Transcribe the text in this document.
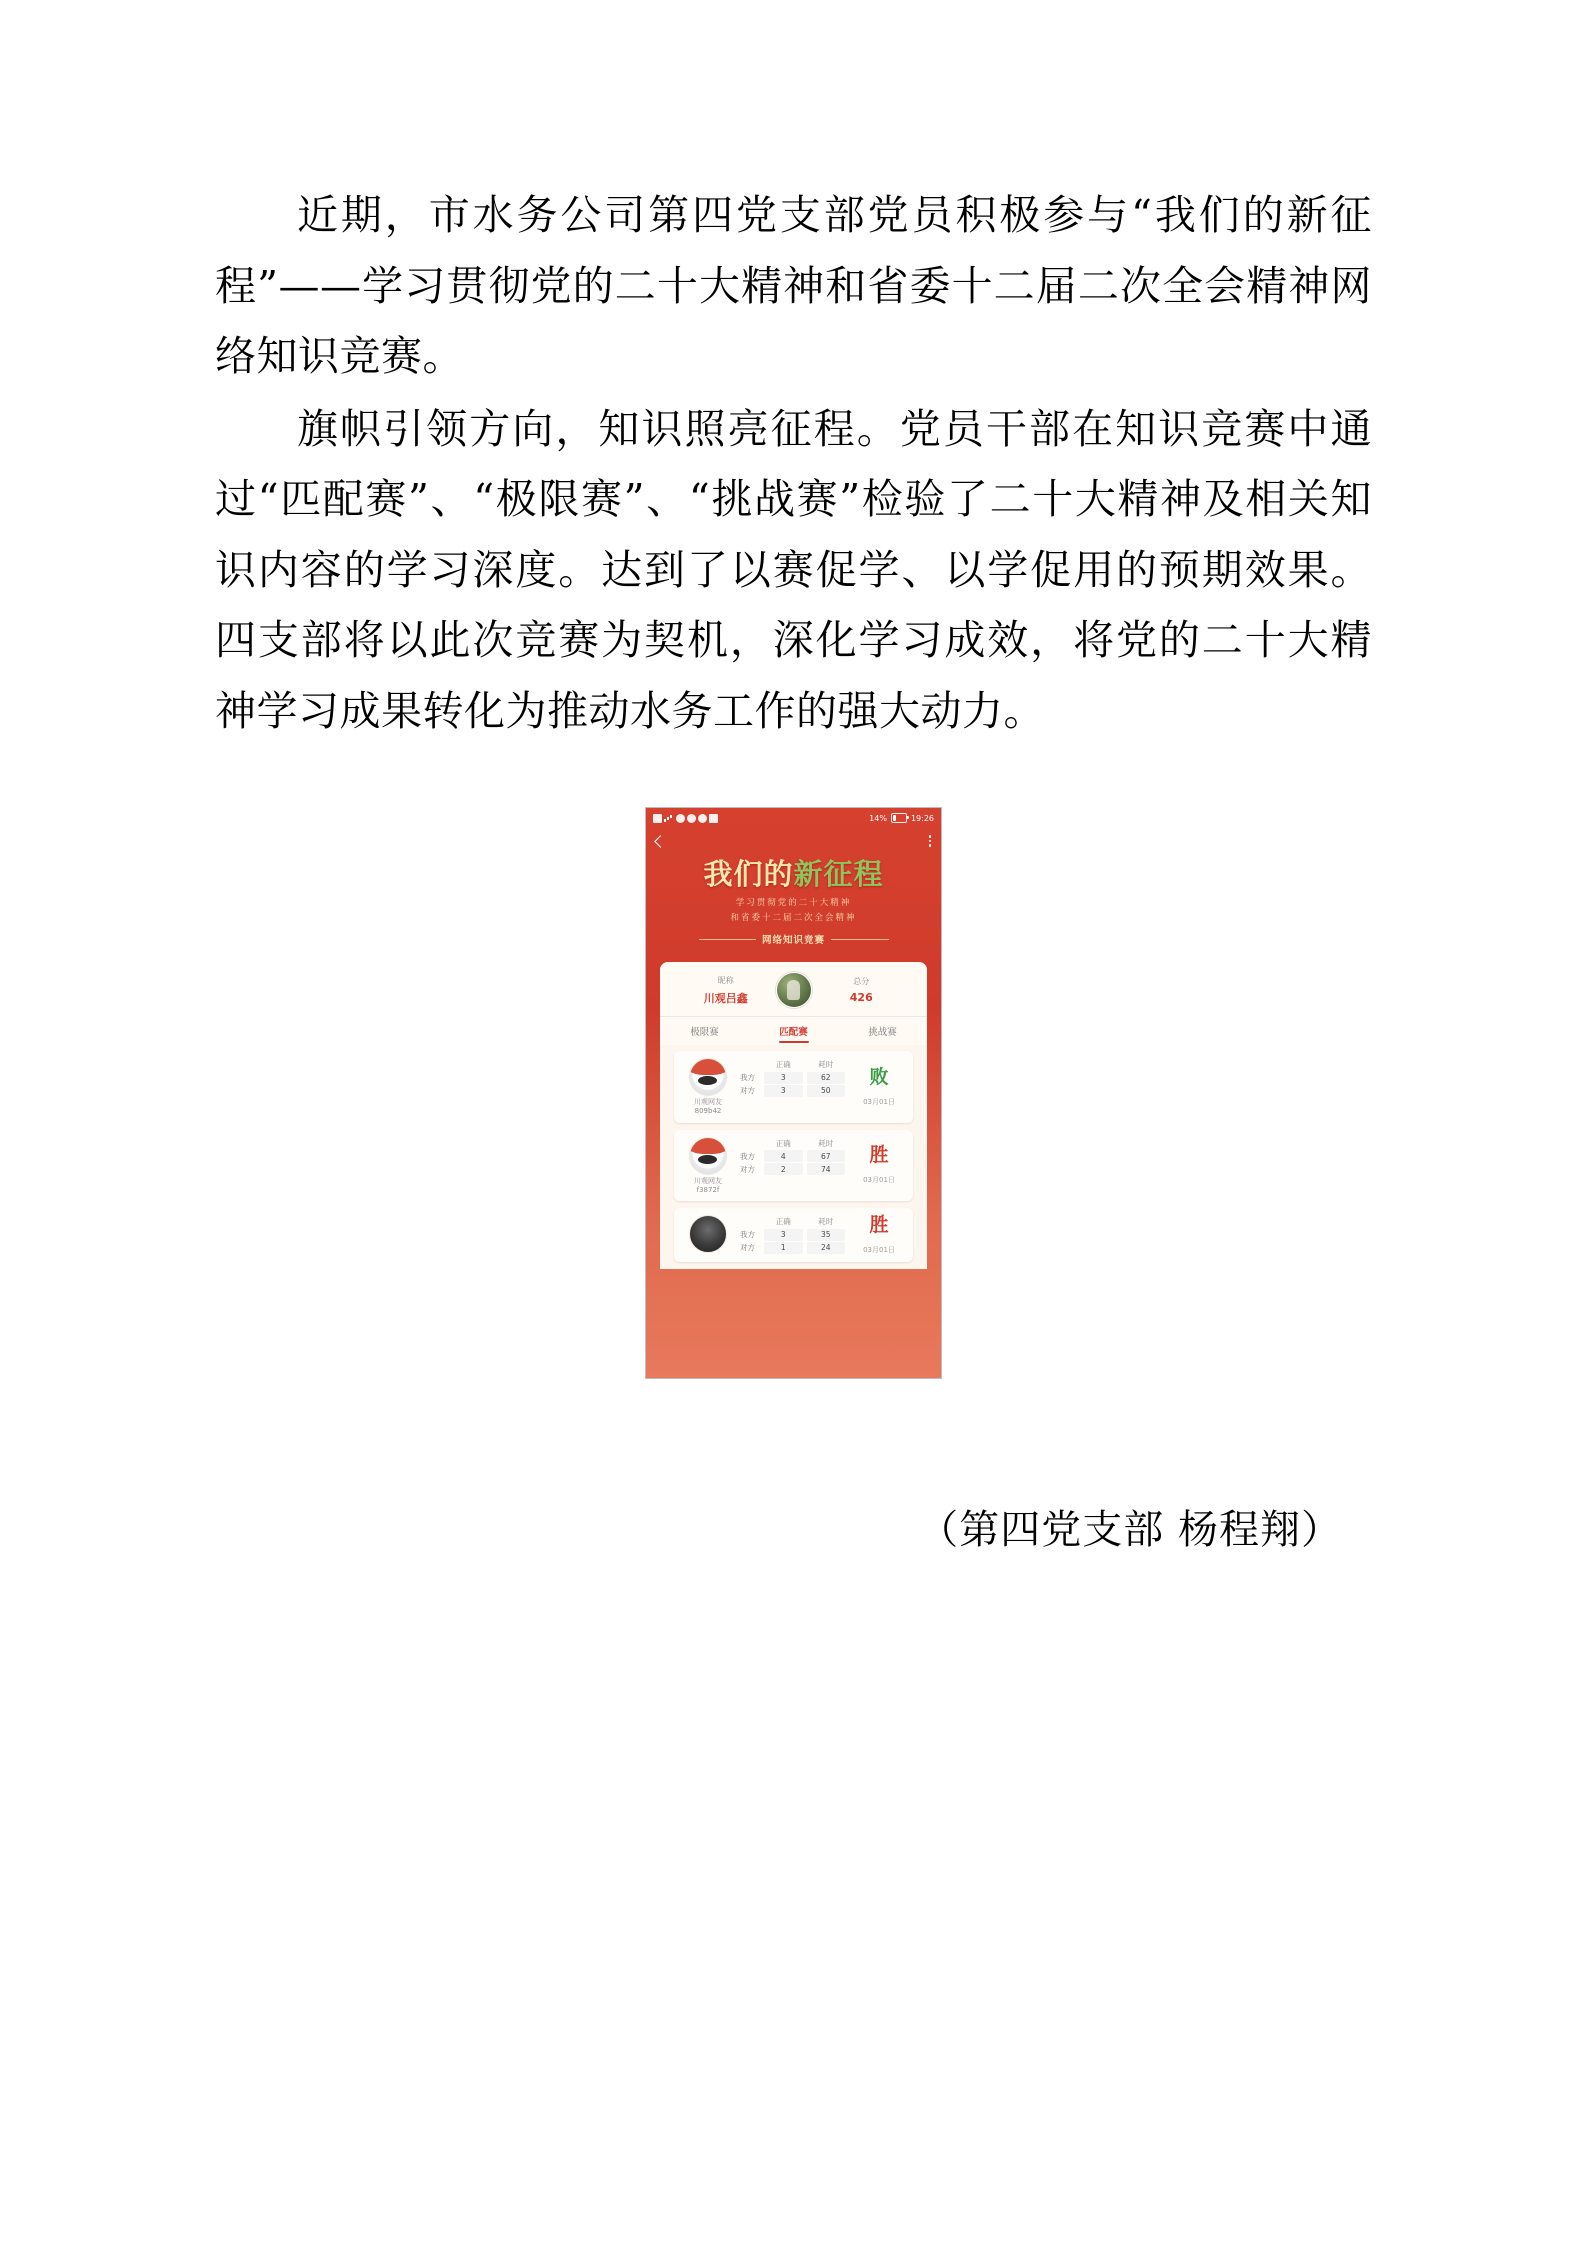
近期，市水务公司第四党支部党员积极参与“我们的新征程”——学习贯彻党的二十大精神和省委十二届二次全会精神网络知识竞赛。

旗帜引领方向，知识照亮征程。党员干部在知识竞赛中通过“匹配赛”、“极限赛”、“挑战赛”检验了二十大精神及相关知识内容的学习深度。达到了以赛促学、以学促用的预期效果。四支部将以此次竞赛为契机，深化学习成效，将党的二十大精神学习成果转化为推动水务工作的强大动力。

14%	19:26
我们的新征程
学习贯彻党的二十大精神
和省委十二届二次全会精神
网络知识竞赛
昵称
川观吕鑫
总分
426
极限赛	匹配赛	挑战赛
川观网友
809b42
正确	耗时
我方	3	62
对方	3	50
败
03月01日
川观网友
f3872f
正确	耗时
我方	4	67
对方	2	74
胜
03月01日
正确	耗时
我方	3	35
对方	1	24
胜
03月01日
（第四党支部 杨程翔）
